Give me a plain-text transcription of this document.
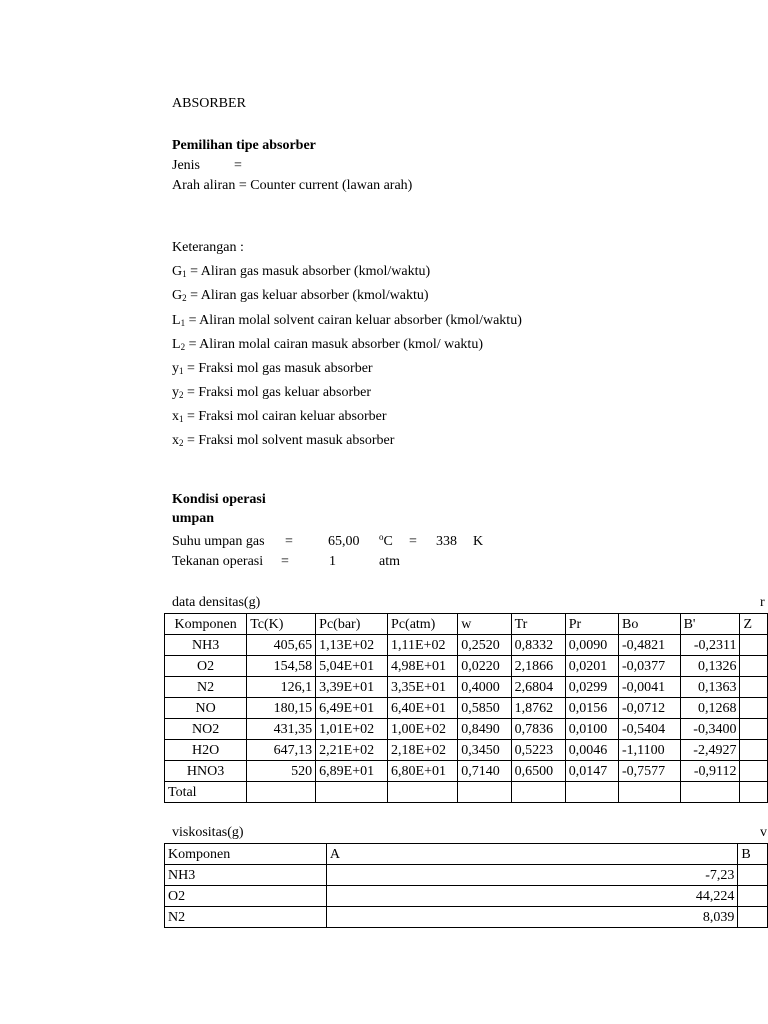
ABSORBER
Pemilihan tipe absorber
Jenis =
Arah aliran = Counter current (lawan arah)
Keterangan :
$G_1$ = Aliran gas masuk absorber (kmol/waktu)
$G_2$ = Aliran gas keluar absorber (kmol/waktu)
$L_1$ = Aliran molal solvent cairan keluar absorber (kmol/waktu)
$L_2$ = Aliran molal cairan masuk absorber (kmol/ waktu)
$y_1$ = Fraksi mol gas masuk absorber
$y_2$ = Fraksi mol gas keluar absorber
$x_1$ = Fraksi mol cairan keluar absorber
$x_2$ = Fraksi mol solvent masuk absorber
Kondisi operasi
umpan
Suhu umpan gas =	65,00 $^o$C = 338 K
Tekanan operasi =	1	atm
data densitas(g)	r
Komponen	Tc(K)	Pc(bar)	Pc(atm)	w	Tr	Pr	Bo	B'	Z
NH3	405,65	1,13E+02	1,11E+02	0,2520	0,8332	0,0090	-0,4821	-0,2311	
O2	154,58	5,04E+01	4,98E+01	0,0220	2,1866	0,0201	-0,0377	0,1326	
N2	126,1	3,39E+01	3,35E+01	0,4000	2,6804	0,0299	-0,0041	0,1363	
NO	180,15	6,49E+01	6,40E+01	0,5850	1,8762	0,0156	-0,0712	0,1268	
NO2	431,35	1,01E+02	1,00E+02	0,8490	0,7836	0,0100	-0,5404	-0,3400	
H2O	647,13	2,21E+02	2,18E+02	0,3450	0,5223	0,0046	-1,1100	-2,4927	
HNO3	520	6,89E+01	6,80E+01	0,7140	0,6500	0,0147	-0,7577	-0,9112	
Total									
viskositas(g)	v
Komponen	A	B
NH3	-7,23	
O2	44,224	
N2	8,039	
